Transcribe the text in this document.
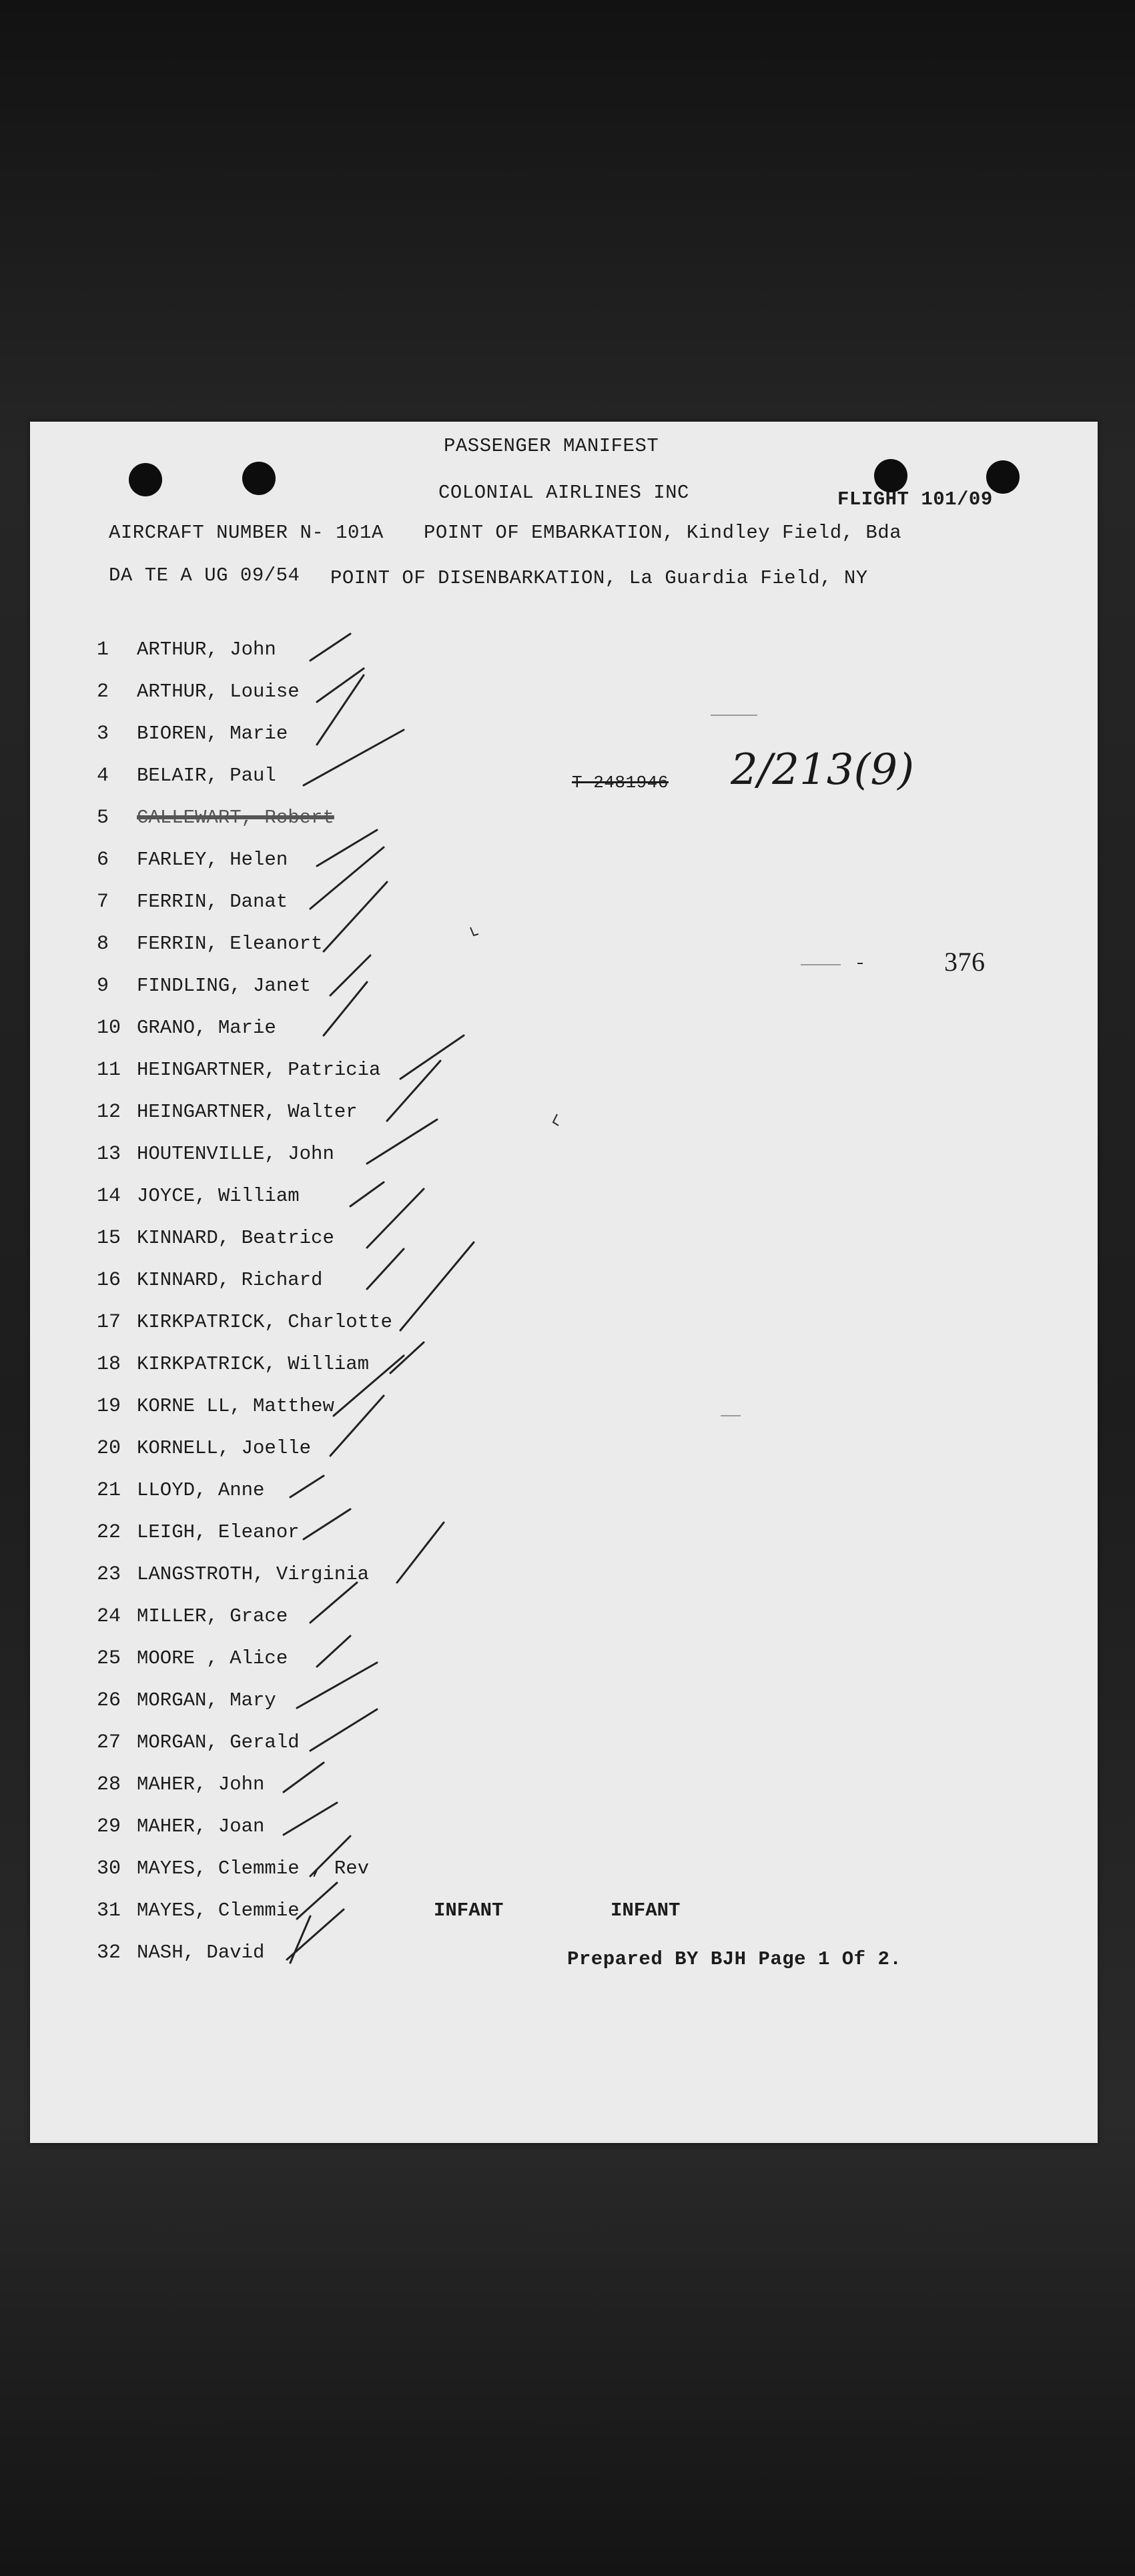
PASSENGER MANIFEST
COLONIAL AIRLINES INC	FLIGHT 101/09
AIRCRAFT NUMBER N- 101A POINT OF EMBARKATION, Kindley Field, Bda
DA TE A UG 09/54 POINT OF DISENBARKATION, La Guardia Field, NY
T 2481946 2/213(9)
376
1 ARTHUR, John
2 ARTHUR, Louise
3 BIOREN, Marie
4 BELAIR, Paul
5 CALLEWART, Robert
6 FARLEY, Helen
7 FERRIN, Danat
8 FERRIN, Eleanort
9 FINDLING, Janet
10 GRANO, Marie
11 HEINGARTNER, Patricia
12 HEINGARTNER, Walter
13 HOUTENVILLE, John
14 JOYCE, William
15 KINNARD, Beatrice
16 KINNARD, Richard
17 KIRKPATRICK, Charlotte
18 KIRKPATRICK, William
19 KORNE LL, Matthew
20 KORNELL, Joelle
21 LLOYD, Anne
22 LEIGH, Eleanor
23 LANGSTROTH, Virginia
24 MILLER, Grace
25 MOORE , Alice
26 MORGAN, Mary
27 MORGAN, Gerald
28 MAHER, John
29 MAHER, Joan
30 MAYES, Clemmie , Rev
31 MAYES, Clemmie	INFANT	INFANT
32 NASH, David	Prepared BY BJH Page 1 Of 2.
